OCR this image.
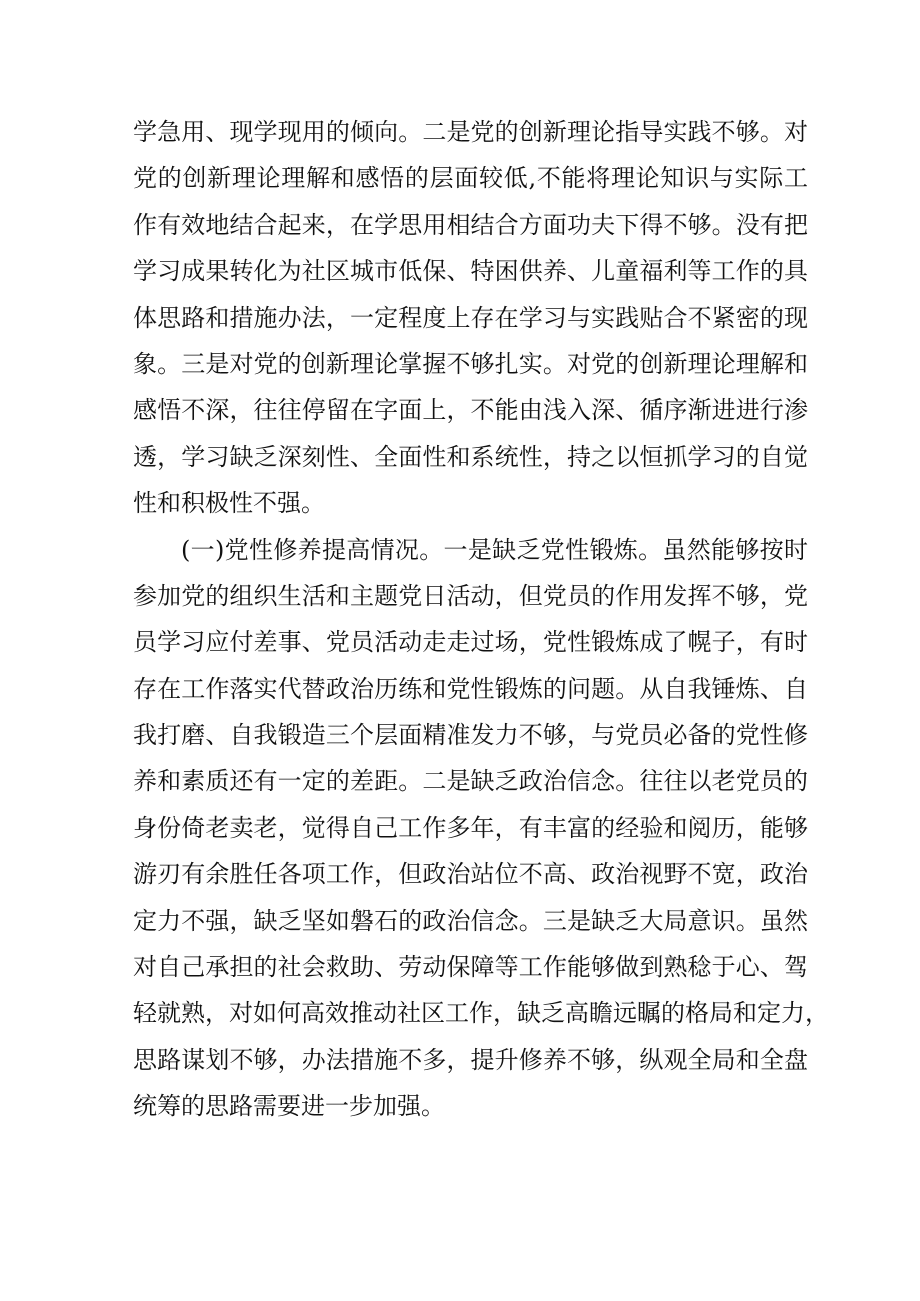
学急用、现学现用的倾向。二是党的创新理论指导实践不够。对
党的创新理论理解和感悟的层面较低,不能将理论知识与实际工
作有效地结合起来，在学思用相结合方面功夫下得不够。没有把
学习成果转化为社区城市低保、特困供养、儿童福利等工作的具
体思路和措施办法，一定程度上存在学习与实践贴合不紧密的现
象。三是对党的创新理论掌握不够扎实。对党的创新理论理解和
感悟不深，往往停留在字面上，不能由浅入深、循序渐进进行渗
透，学习缺乏深刻性、全面性和系统性，持之以恒抓学习的自觉
性和积极性不强。
(一)党性修养提高情况。一是缺乏党性锻炼。虽然能够按时
参加党的组织生活和主题党日活动，但党员的作用发挥不够，党
员学习应付差事、党员活动走走过场，党性锻炼成了幌子，有时
存在工作落实代替政治历练和党性锻炼的问题。从自我锤炼、自
我打磨、自我锻造三个层面精准发力不够，与党员必备的党性修
养和素质还有一定的差距。二是缺乏政治信念。往往以老党员的
身份倚老卖老，觉得自己工作多年，有丰富的经验和阅历，能够
游刃有余胜任各项工作，但政治站位不高、政治视野不宽，政治
定力不强，缺乏坚如磐石的政治信念。三是缺乏大局意识。虽然
对自己承担的社会救助、劳动保障等工作能够做到熟稔于心、驾
轻就熟，对如何高效推动社区工作，缺乏高瞻远瞩的格局和定力，
思路谋划不够，办法措施不多，提升修养不够，纵观全局和全盘
统筹的思路需要进一步加强。
